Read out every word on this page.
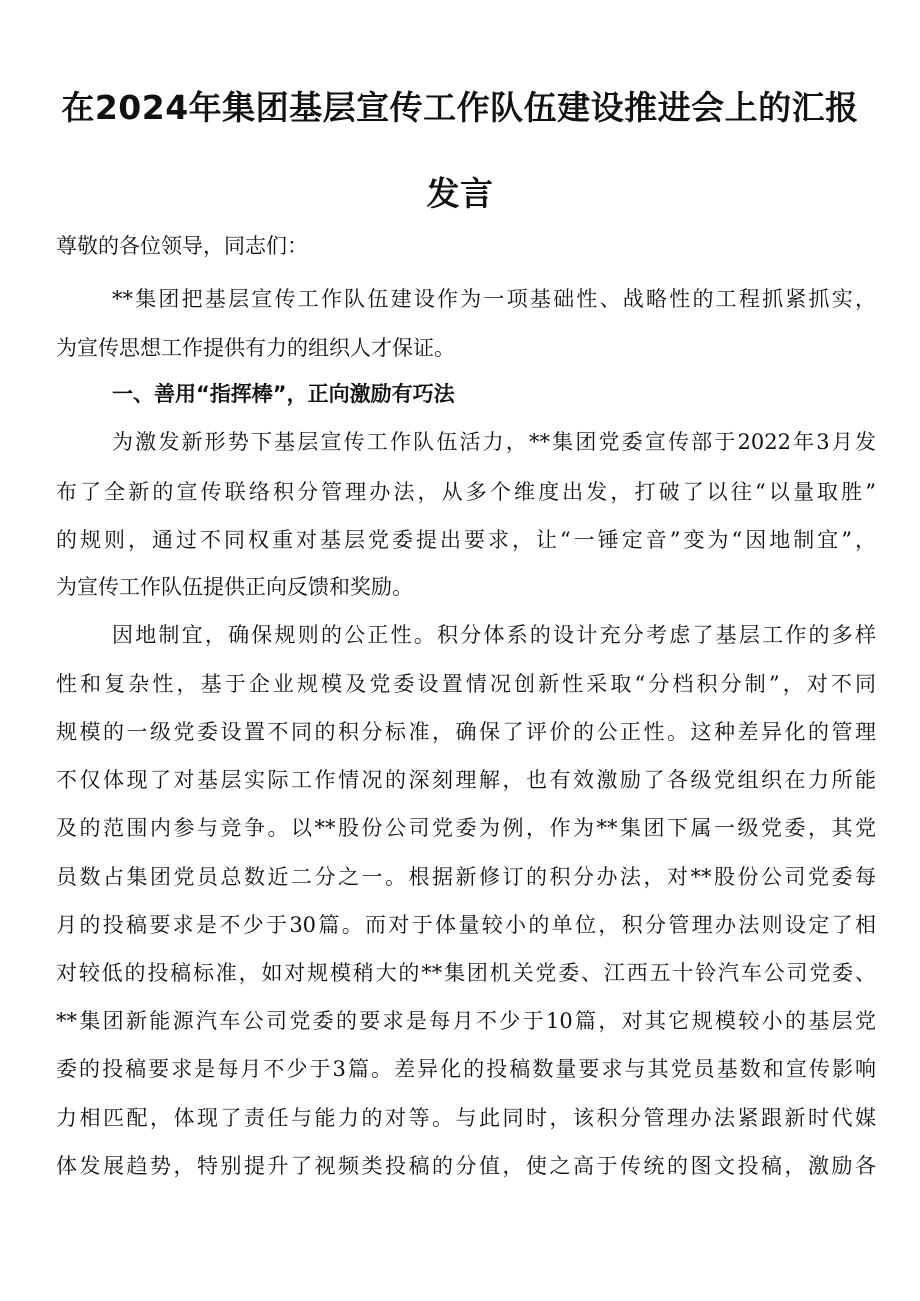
在2024年集团基层宣传工作队伍建设推进会上的汇报
发言
尊敬的各位领导，同志们：
**集团把基层宣传工作队伍建设作为一项基础性、战略性的工程抓紧抓实，
为宣传思想工作提供有力的组织人才保证。
一、善用“指挥棒”，正向激励有巧法
为激发新形势下基层宣传工作队伍活力，**集团党委宣传部于2022年3月发
布了全新的宣传联络积分管理办法，从多个维度出发，打破了以往“以量取胜”
的规则，通过不同权重对基层党委提出要求，让“一锤定音”变为“因地制宜”，
为宣传工作队伍提供正向反馈和奖励。
因地制宜，确保规则的公正性。积分体系的设计充分考虑了基层工作的多样
性和复杂性，基于企业规模及党委设置情况创新性采取“分档积分制”，对不同
规模的一级党委设置不同的积分标准，确保了评价的公正性。这种差异化的管理
不仅体现了对基层实际工作情况的深刻理解，也有效激励了各级党组织在力所能
及的范围内参与竞争。以**股份公司党委为例，作为**集团下属一级党委，其党
员数占集团党员总数近二分之一。根据新修订的积分办法，对**股份公司党委每
月的投稿要求是不少于30篇。而对于体量较小的单位，积分管理办法则设定了相
对较低的投稿标准，如对规模稍大的**集团机关党委、江西五十铃汽车公司党委、
**集团新能源汽车公司党委的要求是每月不少于10篇，对其它规模较小的基层党
委的投稿要求是每月不少于3篇。差异化的投稿数量要求与其党员基数和宣传影响
力相匹配，体现了责任与能力的对等。与此同时，该积分管理办法紧跟新时代媒
体发展趋势，特别提升了视频类投稿的分值，使之高于传统的图文投稿，激励各
